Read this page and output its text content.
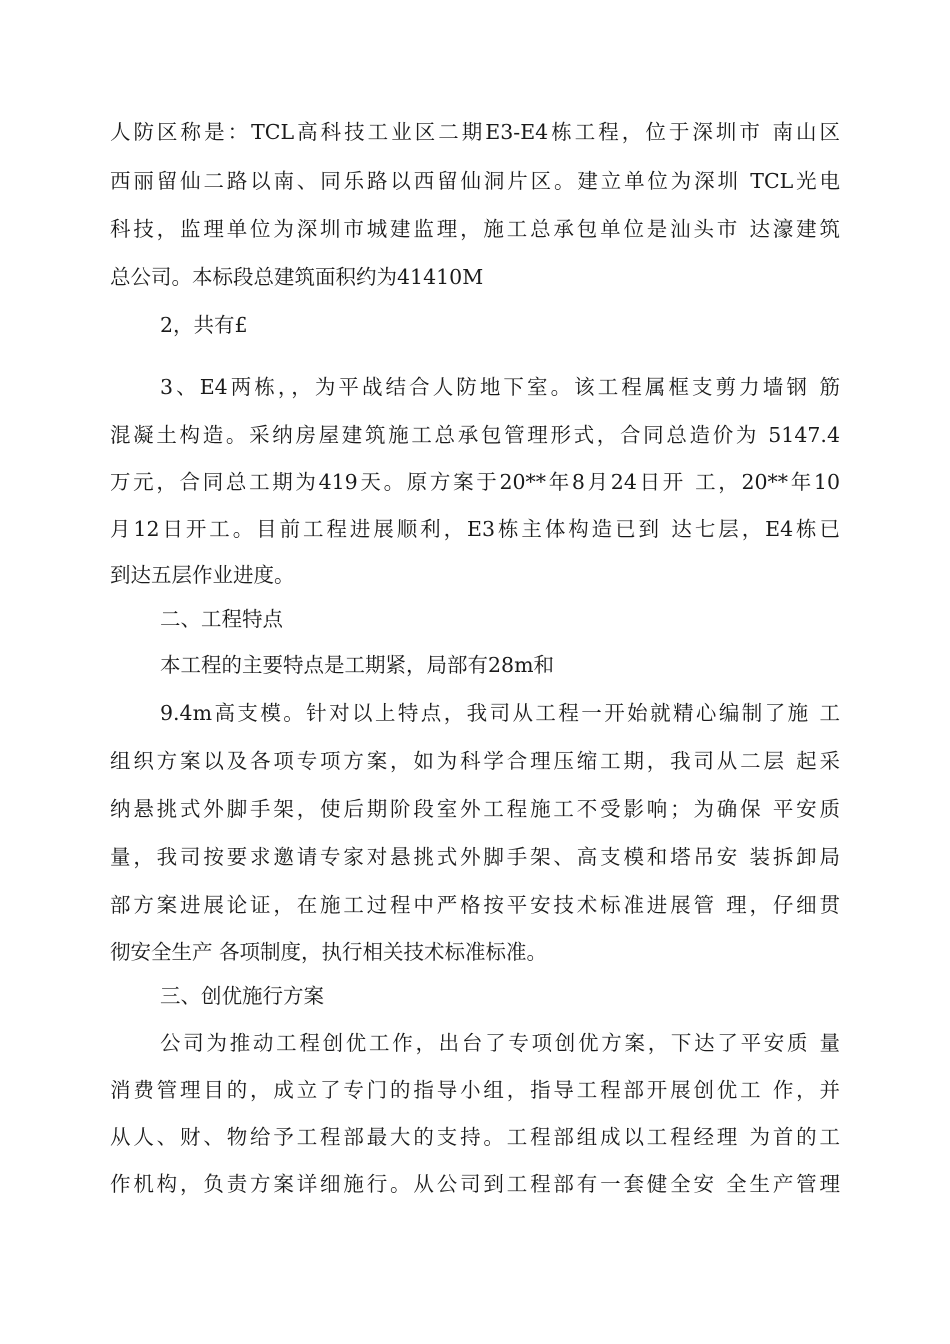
人防区称是：TCL高科技工业区二期E3-E4栋工程，位于深圳市 南山区

西丽留仙二路以南、同乐路以西留仙洞片区。建立单位为深圳 TCL光电

科技，监理单位为深圳市城建监理，施工总承包单位是汕头市 达濠建筑

总公司。本标段总建筑面积约为41410M

2，共有£

3、E4两栋，，为平战结合人防地下室。该工程属框支剪力墙钢 筋

混凝土构造。采纳房屋建筑施工总承包管理形式，合同总造价为 5147.4

万元，合同总工期为419天。原方案于20**年8月24日开 工，20**年10

月12日开工。目前工程进展顺利，E3栋主体构造已到 达七层，E4栋已

到达五层作业进度。

二、工程特点

本工程的主要特点是工期紧，局部有28m和

9.4m高支模。针对以上特点，我司从工程一开始就精心编制了施 工

组织方案以及各项专项方案，如为科学合理压缩工期，我司从二层 起采

纳悬挑式外脚手架，使后期阶段室外工程施工不受影响；为确保 平安质

量，我司按要求邀请专家对悬挑式外脚手架、高支模和塔吊安 装拆卸局

部方案进展论证，在施工过程中严格按平安技术标准进展管 理，仔细贯

彻安全生产 各项制度，执行相关技术标准标准。

三、创优施行方案

公司为推动工程创优工作，出台了专项创优方案，下达了平安质 量

消费管理目的，成立了专门的指导小组，指导工程部开展创优工 作，并

从人、财、物给予工程部最大的支持。工程部组成以工程经理 为首的工

作机构，负责方案详细施行。从公司到工程部有一套健全安 全生产管理
